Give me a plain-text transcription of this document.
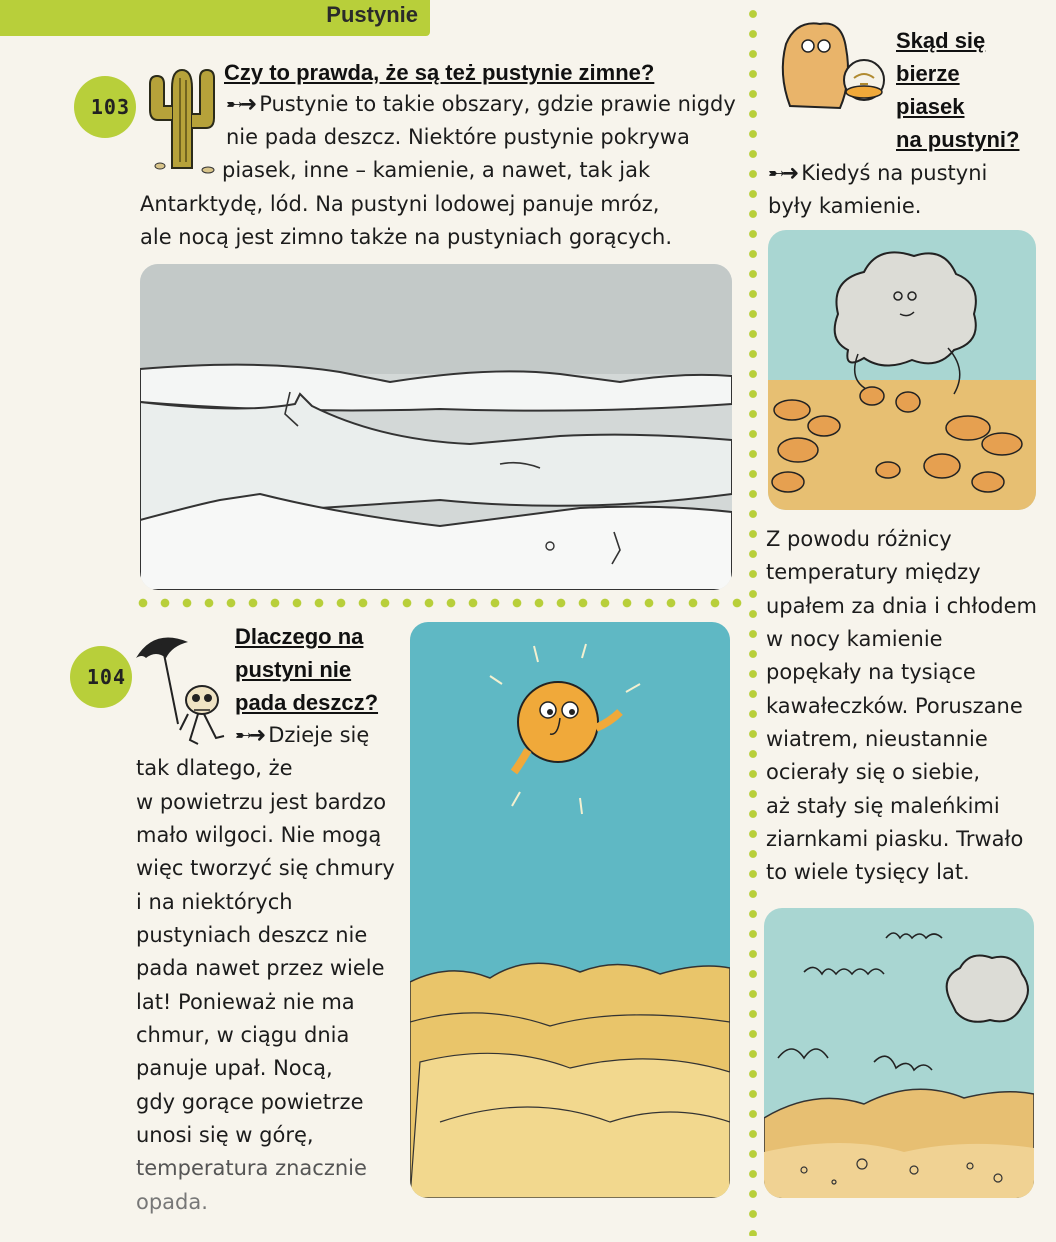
Pustynie
103
Czy to prawda, że są też pustynie zimne?

➸➜ Pustynie to takie obszary, gdzie prawie nigdy

nie pada deszcz. Niektóre pustynie pokrywa

piasek, inne – kamienie, a nawet, tak jak

Antarktydę, lód. Na pustyni lodowej panuje mróz,

ale nocą jest zimno także na pustyniach gorących.

104
Dlaczego na
pustyni nie
pada deszcz?

➸➜ Dzieje się

tak dlatego, że

w powietrzu jest bardzo

mało wilgoci. Nie mogą

więc tworzyć się chmury

i na niektórych

pustyniach deszcz nie

pada nawet przez wiele

lat! Ponieważ nie ma

chmur, w ciągu dnia

panuje upał. Nocą,

gdy gorące powietrze

unosi się w górę,

temperatura znacznie

opada.

Skąd się
bierze
piasek
na pustyni?

➸➜ Kiedyś na pustyni

były kamienie.

Z powodu różnicy

temperatury między

upałem za dnia i chłodem

w nocy kamienie

popękały na tysiące

kawałeczków. Poruszane

wiatrem, nieustannie

ocierały się o siebie,

aż stały się maleńkimi

ziarnkami piasku. Trwało

to wiele tysięcy lat.
